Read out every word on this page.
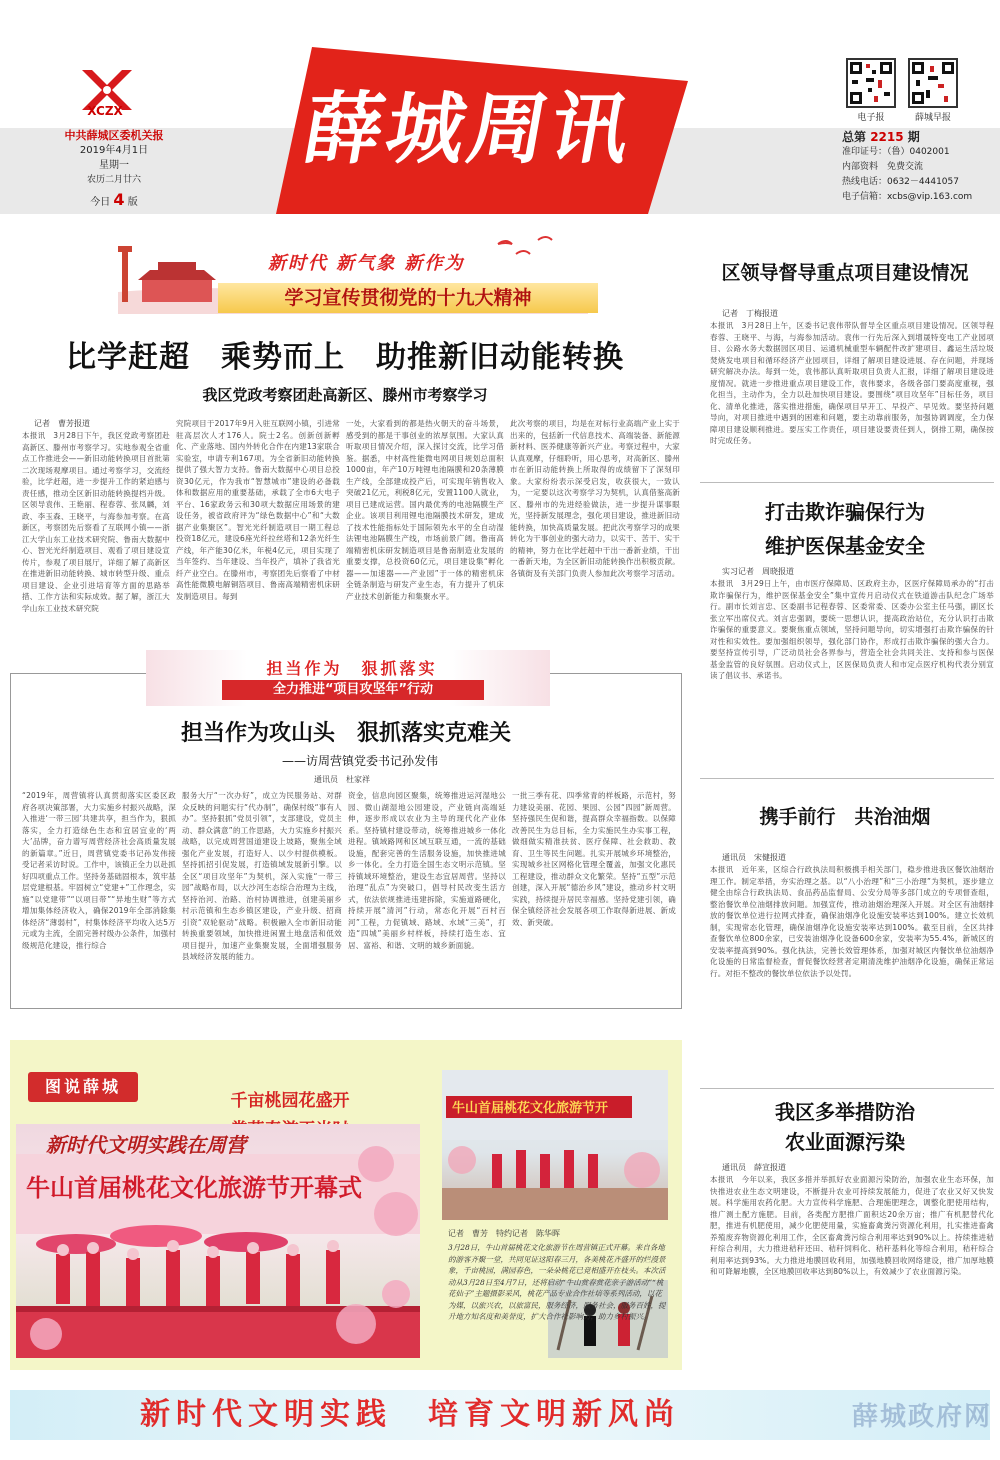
XCZX
中共薛城区委机关报
2019年4月1日
星期一
农历二月廿六
今日 4 版
薛城周讯	电子报	薛城早报
总第 2215 期
准印证号：（鲁）0402001
内部资料　免费交流
热线电话：0632－4441057
电子信箱：xcbs@vip.163.com
新时代 新气象 新作为
学习宣传贯彻党的十九大精神
比学赶超　乘势而上　助推新旧动能转换
我区党政考察团赴高新区、滕州市考察学习
记者　曹芳报道
本报讯　3月28日下午，我区党政考察团赴高新区、滕州市考察学习。实地参观全省重点工作推进会——新旧动能转换项目首批第二次现场观摩项目。通过考察学习，交流经验，比学赶超，进一步提升工作的紧迫感与责任感，推动全区新旧动能转换提档升级。区领导袁伟、王艳丽、程春蓉、张凤麟，刘政、李玉森、王晓平，与海参加考察。在高新区，考察团先后察看了互联网小镇——浙江大学山东工业技术研究院、鲁南大数据中心、智光光纤制造项目、观看了项目建设宣传片，参观了项目展厅，详细了解了高新区在推进新旧动能转换、城市转型升级、重点项目建设、企业引进培育等方面的思路举措、工作方法和实际成效。据了解，浙江大学山东工业技术研究院
究院项目于2017年9月入驻互联网小镇，引进常驻高层次人才176人。院士2名。创新创新孵化、产业落地、国内外转化合作在内建13家联合实验室，申请专利167项。为全省新旧动能转换提供了强大智力支持。鲁南大数据中心项目总投资30亿元，作为我市“智慧城市”建设的必备载体和数据应用的重要基础，承载了全市6大电子平台、16家政务云和30项大数据应用场景的建设任务，被省政府评为“绿色数据中心”和“大数据产业集聚区”。智光光纤制造项目一期工程总投资18亿元，建设6座光纤拉丝塔和12条光纤生产线，年产能30亿米，年税4亿元，项目实现了当年签约、当年建设、当年投产，填补了我省光纤产业空白。在滕州市，考察团先后察看了中材高性能微膜电解铜箔项目、鲁南高端精密机床研发制造项目。每到
一处，大家看到的都是热火朝天的奋斗场景，感受到的都是干事创业的浓厚氛围。大家认真听取项目情况介绍，深入探讨交流，比学习借鉴。据悉，中材高性能微电网项目规划总面积1000亩，年产10万吨锂电池隔膜和20条薄膜生产线，全部建成投产后，可实现年销售收入突破21亿元，利税8亿元，安置1100人就业，项目已建成运营。国内最优秀的电池隔膜生产企业。该项目利用锂电池隔膜技术研发，建成了技术性能指标处于国际领先水平的全自动湿法锂电池隔膜生产线，市场前景广阔。鲁南高端精密机床研发制造项目是鲁南制造业发展的重要支撑，总投资60亿元，项目建设集“孵化器——加速器——产业园”于一体的精密机床全链条制造与研发产业生态，有力提升了机床产业技术创新能力和集聚水平。
此次考察的项目，均是在对标行业高端产业上实于出来的，包括新一代信息技术、高端装备、新能源新材料、医养健康等新兴产业。考察过程中，大家认真观摩，仔细聆听，用心思考，对高新区、滕州市在新旧动能转换上所取得的成绩留下了深刻印象。大家纷纷表示深受启发，收获很大，一致认为，一定要以这次考察学习为契机，认真借鉴高新区、滕州市的先进经验做法，进一步提升谋事眼光，坚持新发展理念，强化项目建设，推进新旧动能转换，加快高质量发展。把此次考察学习的成果转化为干事创业的强大动力，以实干、苦干、实干的精神，努力在比学赶超中干出一番新业绩，干出一番新天地，为全区新旧动能转换作出积极贡献。各镇街及有关部门负责人参加此次考察学习活动。
担当作为　狠抓落实
全力推进“项目攻坚年”行动
担当作为攻山头　狠抓落实克难关
——访周营镇党委书记孙发伟
通讯员　杜家祥
“2019年，周营镇将认真贯彻落实区委区政府各项决策部署，大力实施乡村振兴战略，深入推进‘一带三园’共建共享，担当作为，狠抓落实，全力打造绿色生态和宜居宜业的‘两大’品牌，奋力谱写周营经济社会高质量发展的新篇章。”近日，周营镇党委书记孙发伟接受记者采访时说。工作中，该镇正全力以赴抓好四项重点工作。坚持务基础固根本，筑牢基层党建根基。牢固树立“党建+”工作理念，实施“以党建带”“以项目带”“异地生财”等方式增加集体经济收入，确保2019年全部消除集体经济“薄弱村”，村集体经济平均收入达5万元或为主流，全面完善村级办公条件，加强村级规范化建设，推行综合
服务大厅“一次办好”，成立为民服务站、对群众反映的问题实行“代办制”，确保村级“事有人办”。坚持狠抓“党员引领”，支部建设，党员主动、群众满意”的工作思路，大力实施乡村振兴战略，以完成周营国道建设上坡路，聚焦全域强化产业发展，打造好人、以少村提供模板。坚持抓招引促发展，打造镇域发展新引擎。以全区“项目攻坚年”为契机，深入实施“一带三园”战略布局，以大沙河生态综合治理为主线，坚持治河、治路、治村协调推进，创建美丽乡村示范镇和生态乡镇区建设，产业升级、招商引资“双轮驱动”战略。积极融入全市新旧动能转换重要领域，加快推进闲置土地盘活和低效项目提升，加速产业集聚发展，全面增强服务县域经济发展的能力。
资金，信息向园区聚集，统筹推进运河湿地公园、微山湖湿地公园建设，产业链向高端延伸，逐步形成以农业为主导的现代化产业体系。坚持镇村建设带动，统筹推进城乡一体化进程。镇域路网和区域互联互通，一流的基础设施，配套完善的生活服务设施，加快推进城乡一体化。全力打造全国生态文明示范镇。坚持镇域环境整治，建设生态宜居周营。坚持以治理“乱点”为突破口，倡导村民改变生活方式，依法依规推进违建拆除，实施道路硬化，持续开展“清河”行动，常态化开展“百村百河”工程，力促镇域、路域、水域“三美”，打造“四城”美丽乡村样板，持续打造生态、宜居、富裕、和谐、文明的城乡新面貌。
一批三季有花、四季常青的样板路，示范村，努力建设美丽、花园、果园、公园“四园”新周营。坚持强民生促和谐，提高群众幸福指数。以保障改善民生为总目标，全力实施民生办实事工程，做细做实精准扶贫、医疗保障、社会救助、教育、卫生等民生问题。扎实开展城乡环境整治，实现城乡社区网格化管理全覆盖，加强文化惠民工程建设，推动群众文化繁荣。坚持“五型”示范创建，深入开展“德治乡风”建设，推动乡村文明实践，持续提升居民幸福感。坚持党建引领，确保全镇经济社会发展各项工作取得新进展、新成效、新突破。
图说薛城
千亩桃园花盛开
新时代文明实践在周营
牛山首届桃花文化旅游节开幕式
牛山首届桃花文化旅游节开
记者　曹芳　特约记者　陈华晖
3月28日，牛山首届桃花文化旅游节在周营镇正式开幕。来自各地的游客齐聚一堂，共同见证这阳春三月，各美桃花齐盛开的烂漫景象，千亩桃园，满园春色，一朵朵桃花已竞相盛开在枝头。本次活动从3月28日至4月7日，还将启动“牛山赏春赏花亲子游活动”“桃花仙子”主题摄影采风，桃花产品专业合作社培等系列活动，以花为媒，以旅兴农，以旅富民，服务经济，服务社会，服务百姓，提升地方知名度和美誉度，扩大合作社影响力，助力乡村振兴。
区领导督导重点项目建设情况
记者　丁梅报道
本报讯　3月28日上午，区委书记袁伟带队督导全区重点项目建设情况。区领导程春蓉、王晓平、与海，与海参加活动。袁伟一行先后深入到增晟特变电工产业园项目、公路水务大数据园区项目、运通机械重型车辆配件改扩建项目、鑫运生活垃圾焚烧发电项目和循环经济产业园项目，详细了解项目建设进展、存在问题，并现场研究解决办法。每到一处，袁伟都认真听取项目负责人汇报，详细了解项目建设进度情况。就进一步推进重点项目建设工作，袁伟要求，各级各部门要高度重视，强化担当，主动作为，全力以赴加快项目建设。要围绕“项目攻坚年”目标任务，项目化、清单化推进，落实推进措施，确保项目早开工、早投产、早见效。要坚持问题导向，对项目推进中遇到的困难和问题，要主动靠前服务，加强协调调度，全力保障项目建设顺利推进。要压实工作责任，项目建设要责任到人，倒排工期，确保按时完成任务。
打击欺诈骗保行为
维护医保基金安全
实习记者　周晓报道
本报讯　3月29日上午，由市医疗保障局、区政府主办，区医疗保障局承办的“打击欺诈骗保行为，维护医保基金安全”集中宣传月启动仪式在铁道游击队纪念广场举行。副市长刘言忠、区委副书记程春蓉、区委常委、区委办公室主任马强，副区长张立军出席仪式。刘言忠强调，要统一思想认识，提高政治站位，充分认识打击欺诈骗保的重要意义。要聚焦重点领域，坚持问题导向，切实增强打击欺诈骗保的针对性和实效性。要加强组织领导，强化部门协作，形成打击欺诈骗保的强大合力。要坚持宣传引导，广泛动员社会各界参与，营造全社会共同关注、支持和参与医保基金监管的良好氛围。启动仪式上，区医保局负责人和市定点医疗机构代表分别宣读了倡议书、承诺书。
携手前行　共治油烟
通讯员　宋健报道
本报讯　近年来，区综合行政执法局积极携手相关部门，稳步推进我区餐饮油烟治理工作。制定举措，夯实治理之基。以“八小治理”和“三小治理”为契机，逐步建立健全由综合行政执法局、食品药品监督局、公安分局等多部门成立的专项督查组，整治餐饮单位油烟排放问题。加强宣传，推动油烟治理深入开展。对全区有油烟排放的餐饮单位进行拉网式排查，确保油烟净化设施安装率达到100%。建立长效机制，实现常态化管理，确保油烟净化设施安装率达到100%。截至目前，全区共排查餐饮单位800余家，已安装油烟净化设备600余家，安装率为55.4%，新城区的安装率提高到90%。强化执法，完善长效管理体系，加强对城区内餐饮单位油烟净化设施的日常监督检查，督促餐饮经营者定期清洗维护油烟净化设施，确保正常运行。对拒不整改的餐饮单位依法予以处罚。
我区多举措防治
农业面源污染
通讯员　薛宣报道
本报讯　今年以来，我区多措并举抓好农业面源污染防治，加强农业生态环保，加快推进农业生态文明建设，不断提升农业可持续发展能力，促进了农业又好又快发展。科学施用农药化肥。大力宣传科学施肥、合理施肥理念，调整化肥使用结构，推广测土配方施肥。目前，各类配方肥推广面积达20余万亩；推广有机肥替代化肥，推进有机肥使用，减少化肥使用量，实施畜禽粪污资源化利用，扎实推进畜禽养殖废弃物资源化利用工作，全区畜禽粪污综合利用率达到90%以上。持续推进秸秆综合利用，大力推进秸秆还田、秸秆饲料化、秸秆基料化等综合利用，秸秆综合利用率达到93%。大力推进地膜回收利用，加强地膜回收网络建设，推广加厚地膜和可降解地膜，全区地膜回收率达到80%以上，有效减少了农业面源污染。
新时代文明实践　培育文明新风尚	薛城政府网
